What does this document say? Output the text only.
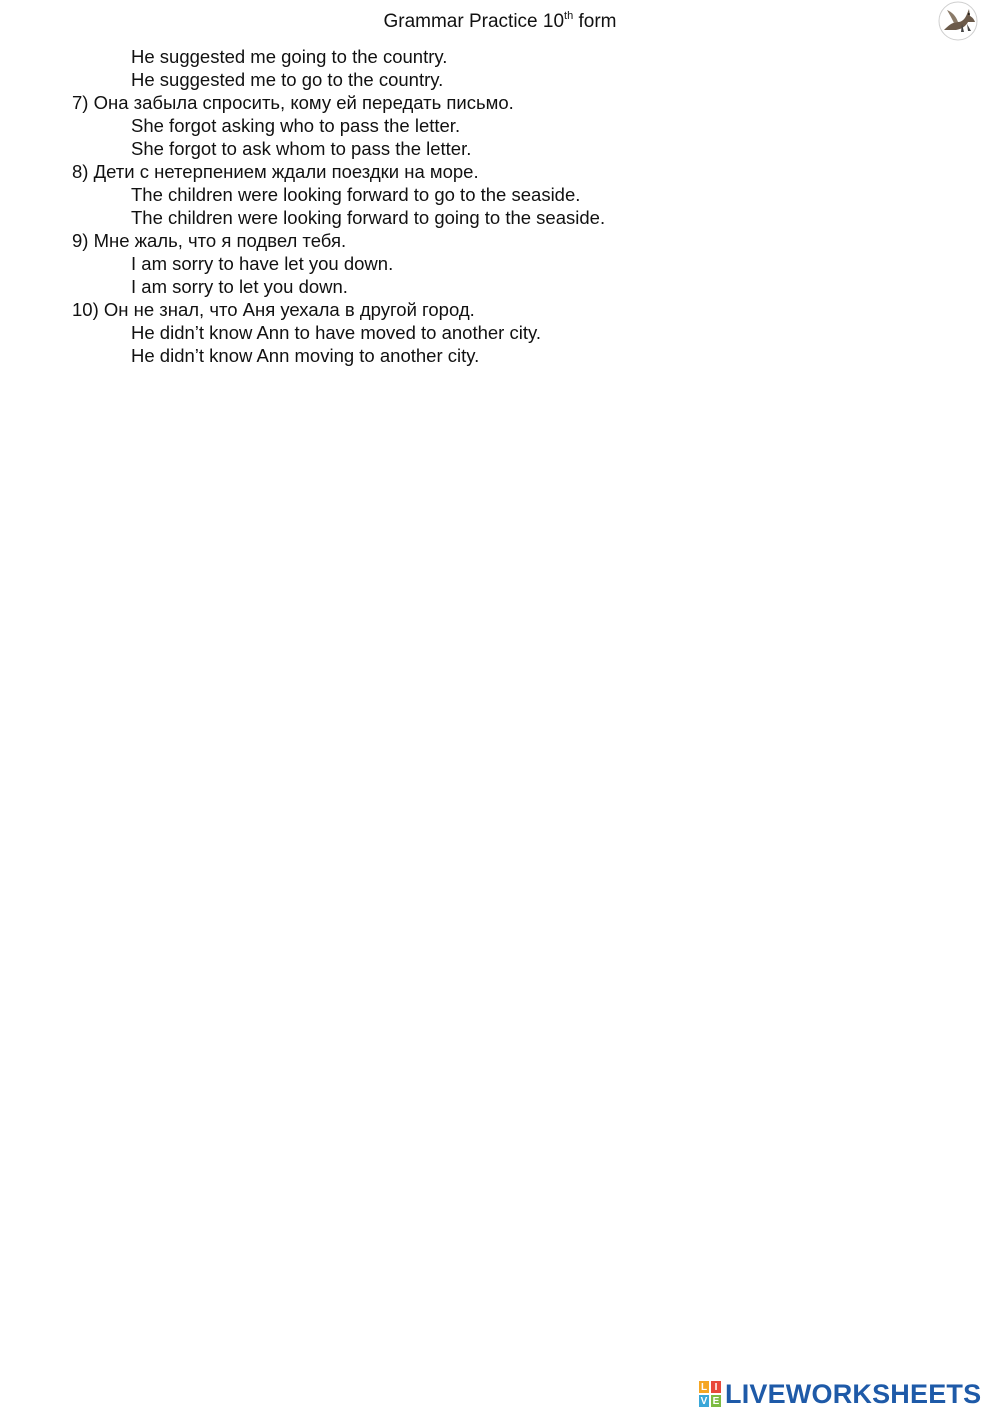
Grammar Practice 10th form
He suggested me going to the country.
He suggested me to go to the country.
7) Она забыла спросить, кому ей передать письмо.
She forgot asking who to pass the letter.
She forgot to ask whom to pass the letter.
8) Дети с нетерпением ждали поездки на море.
The children were looking forward to go to the seaside.
The children were looking forward to going to the seaside.
9) Мне жаль, что я подвел тебя.
I am sorry to have let you down.
I am sorry to let you down.
10) Он не знал, что Аня уехала в другой город.
He didn’t know Ann to have moved to another city.
He didn’t know Ann moving to another city.
L I
V E LIVEWORKSHEETS
